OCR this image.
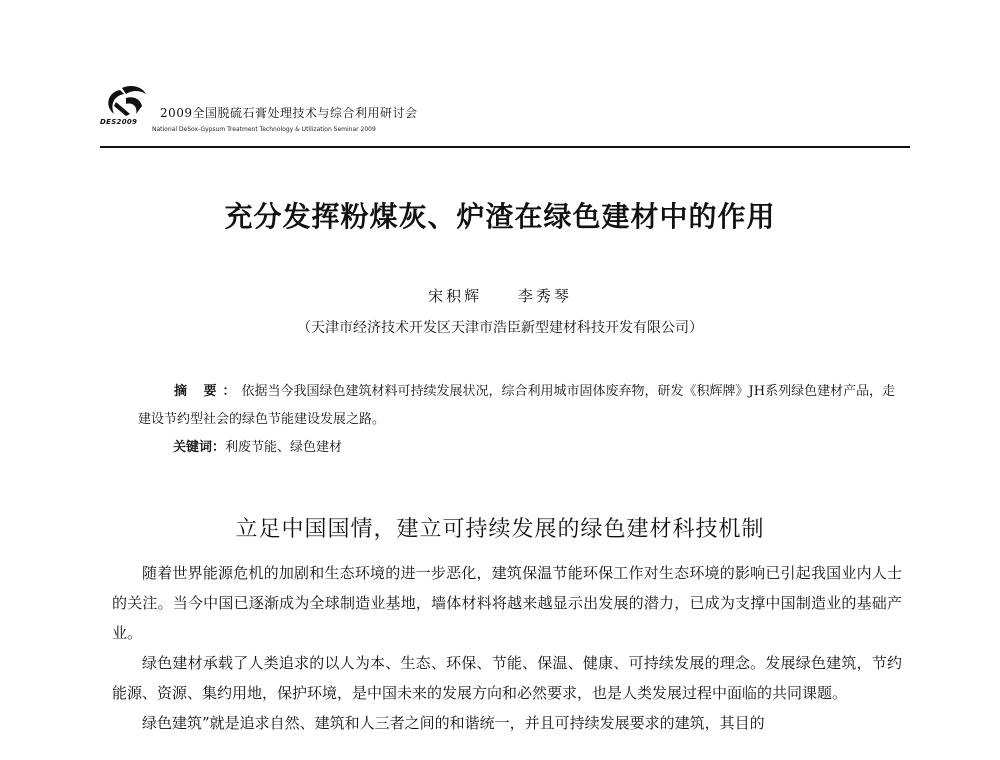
DES2009
2009全国脱硫石膏处理技术与综合利用研讨会
National DeSox-Gypsum Treatment Technology & Utilization Seminar 2009
充分发挥粉煤灰、炉渣在绿色建材中的作用
宋积辉 李秀琴
（天津市经济技术开发区天津市浩臣新型建材科技开发有限公司）
摘 要：依据当今我国绿色建筑材料可持续发展状况，综合利用城市固体废弃物，研发《积辉牌》JH系列绿色建材产品，走建设节约型社会的绿色节能建设发展之路。
关键词：利废节能、绿色建材
立足中国国情，建立可持续发展的绿色建材科技机制

随着世界能源危机的加剧和生态环境的进一步恶化，建筑保温节能环保工作对生态环境的影响已引起我国业内人士的关注。当今中国已逐渐成为全球制造业基地，墙体材料将越来越显示出发展的潜力，已成为支撑中国制造业的基础产业。

绿色建材承载了人类追求的以人为本、生态、环保、节能、保温、健康、可持续发展的理念。发展绿色建筑，节约能源、资源、集约用地，保护环境，是中国未来的发展方向和必然要求，也是人类发展过程中面临的共同课题。

绿色建筑”就是追求自然、建筑和人三者之间的和谐统一，并且可持续发展要求的建筑，其目的
